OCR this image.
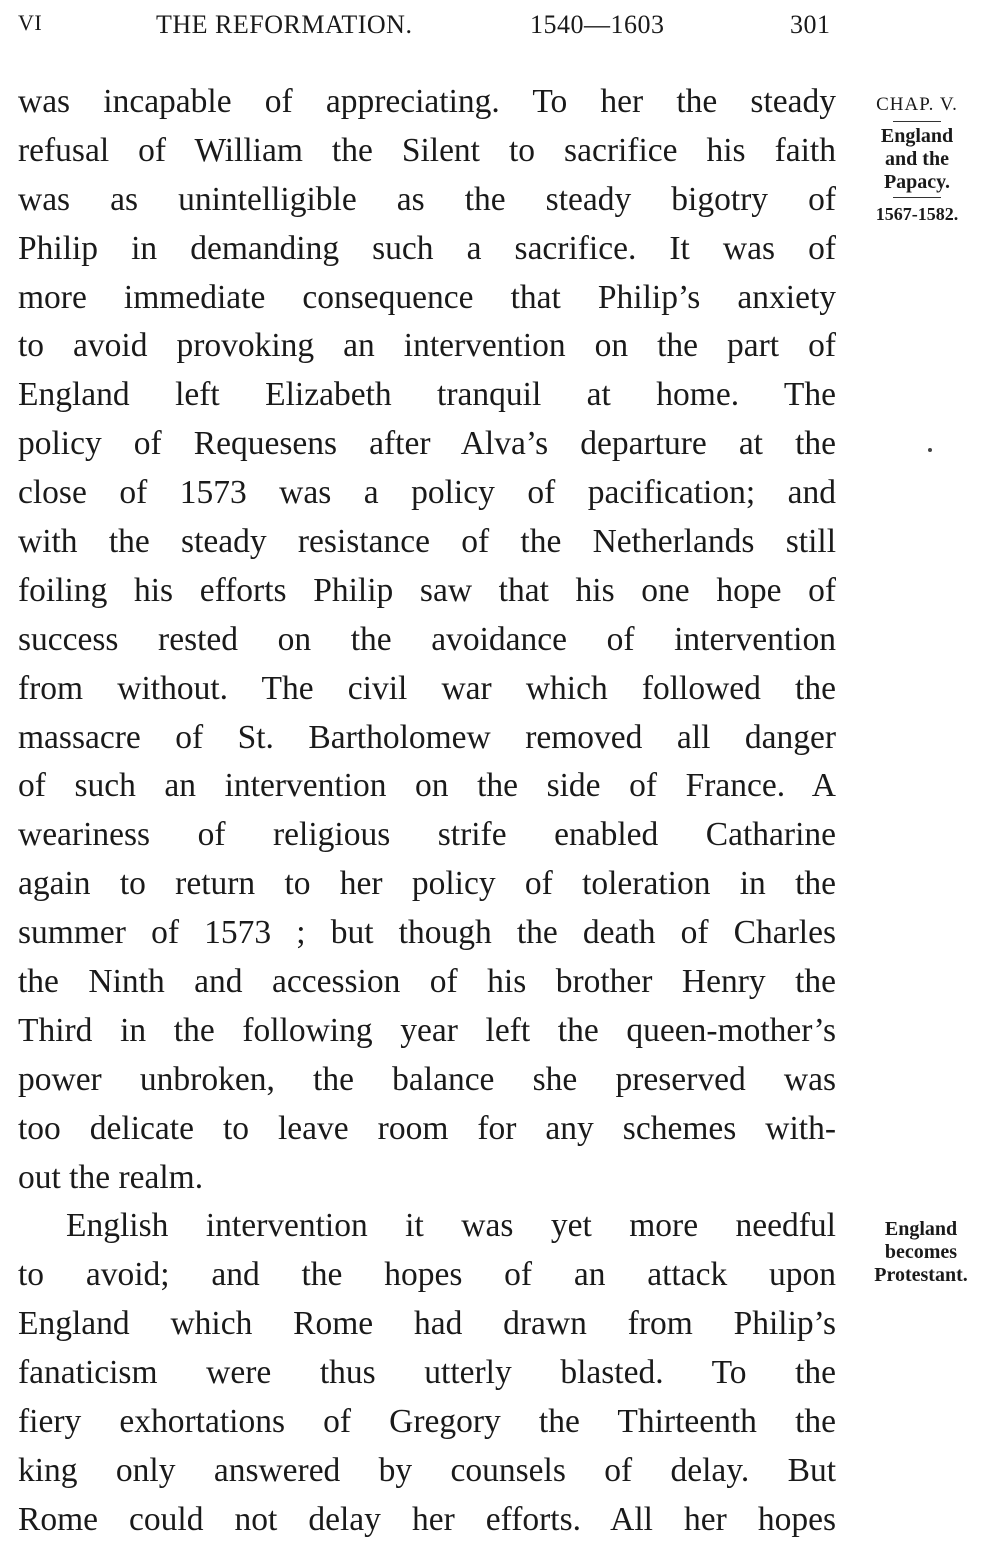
VI	THE REFORMATION.	1540—1603	301
was incapable of appreciating. To her the steady
refusal of William the Silent to sacrifice his faith
was as unintelligible as the steady bigotry of
Philip in demanding such a sacrifice. It was of
more immediate consequence that Philip’s anxiety
to avoid provoking an intervention on the part of
England left Elizabeth tranquil at home. The
policy of Requesens after Alva’s departure at the
close of 1573 was a policy of pacification; and
with the steady resistance of the Netherlands still
foiling his efforts Philip saw that his one hope of
success rested on the avoidance of intervention
from without. The civil war which followed the
massacre of St. Bartholomew removed all danger
of such an intervention on the side of France. A
weariness of religious strife enabled Catharine
again to return to her policy of toleration in the
summer of 1573 ; but though the death of Charles
the Ninth and accession of his brother Henry the
Third in the following year left the queen-mother’s
power unbroken, the balance she preserved was
too delicate to leave room for any schemes with-
out the realm.
English intervention it was yet more needful
to avoid; and the hopes of an attack upon
England which Rome had drawn from Philip’s
fanaticism were thus utterly blasted. To the
fiery exhortations of Gregory the Thirteenth the
king only answered by counsels of delay. But
Rome could not delay her efforts. All her hopes
CHAP. V.
England
and the
Papacy.
1567-1582.
England
becomes
Protestant.
